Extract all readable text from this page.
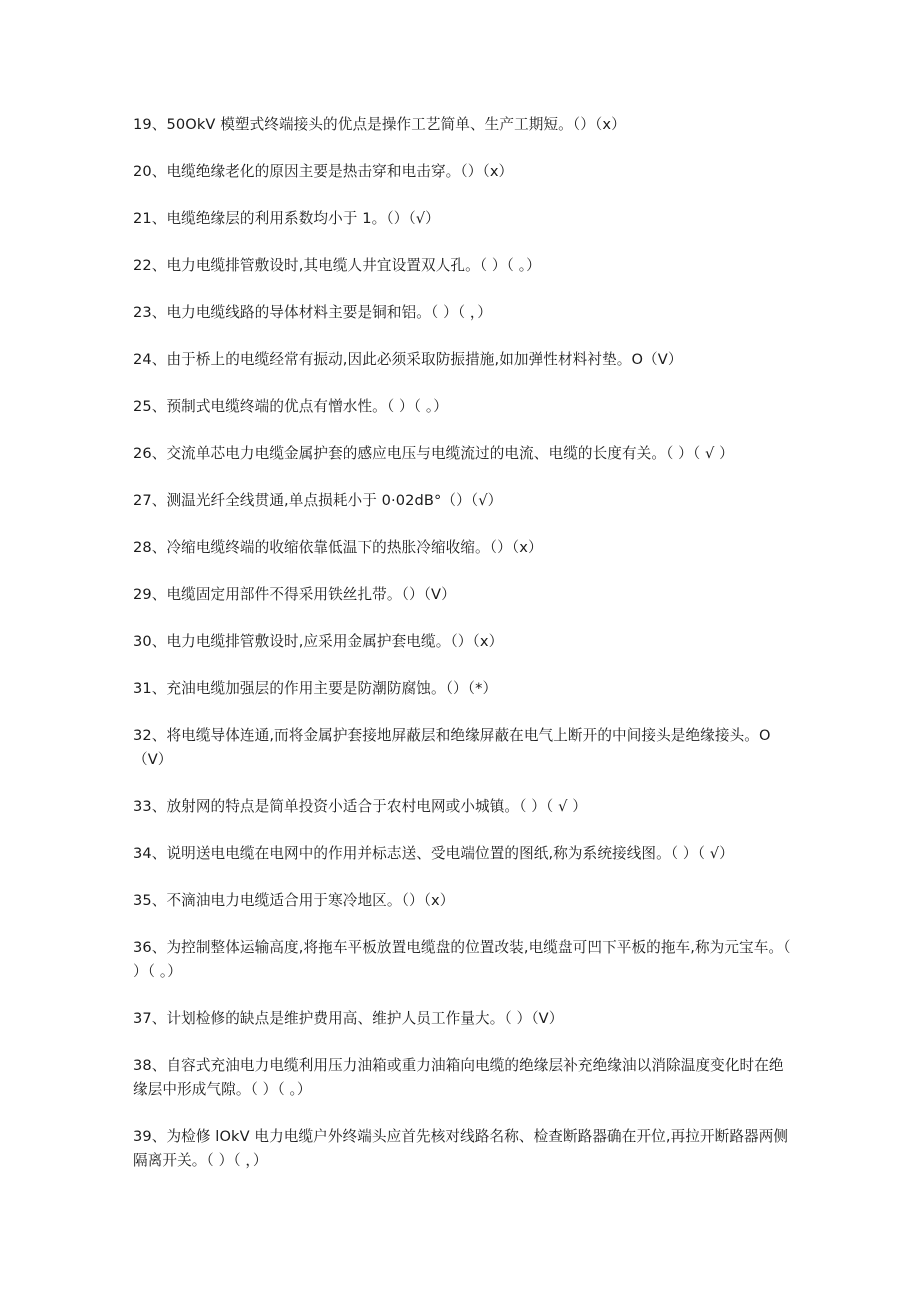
19、50OkV 模塑式终端接头的优点是操作工艺简单、生产工期短。（）（x）
20、电缆绝缘老化的原因主要是热击穿和电击穿。（）（x）
21、电缆绝缘层的利用系数均小于 1。（）（√）
22、电力电缆排管敷设时,其电缆人井宜设置双人孔。（ ）（ 。）
23、电力电缆线路的导体材料主要是铜和铝。（ ）（ ，）
24、由于桥上的电缆经常有振动,因此必须采取防振措施,如加弹性材料衬垫。O（V）
25、预制式电缆终端的优点有憎水性。（ ）（ 。）
26、交流单芯电力电缆金属护套的感应电压与电缆流过的电流、电缆的长度有关。（ ）（ √ ）
27、测温光纤全线贯通,单点损耗小于 0·02dB°（）（√）
28、冷缩电缆终端的收缩依靠低温下的热胀冷缩收缩。（）（x）
29、电缆固定用部件不得采用铁丝扎带。（）（V）
30、电力电缆排管敷设时,应采用金属护套电缆。（）（x）
31、充油电缆加强层的作用主要是防潮防腐蚀。（）（*）
32、将电缆导体连通,而将金属护套接地屏蔽层和绝缘屏蔽在电气上断开的中间接头是绝缘接头。O（V）
33、放射网的特点是简单投资小适合于农村电网或小城镇。（ ）（ √ ）
34、说明送电电缆在电网中的作用并标志送、受电端位置的图纸,称为系统接线图。（ ）（ √）
35、不滴油电力电缆适合用于寒冷地区。（）（x）
36、为控制整体运输高度,将拖车平板放置电缆盘的位置改装,电缆盘可凹下平板的拖车,称为元宝车。（ ）（ 。）
37、计划检修的缺点是维护费用高、维护人员工作量大。（ ）（V）
38、自容式充油电力电缆利用压力油箱或重力油箱向电缆的绝缘层补充绝缘油以消除温度变化时在绝缘层中形成气隙。（ ）（ 。）
39、为检修 lOkV 电力电缆户外终端头应首先核对线路名称、检查断路器确在开位,再拉开断路器两侧隔离开关。（ ）（ ，）
